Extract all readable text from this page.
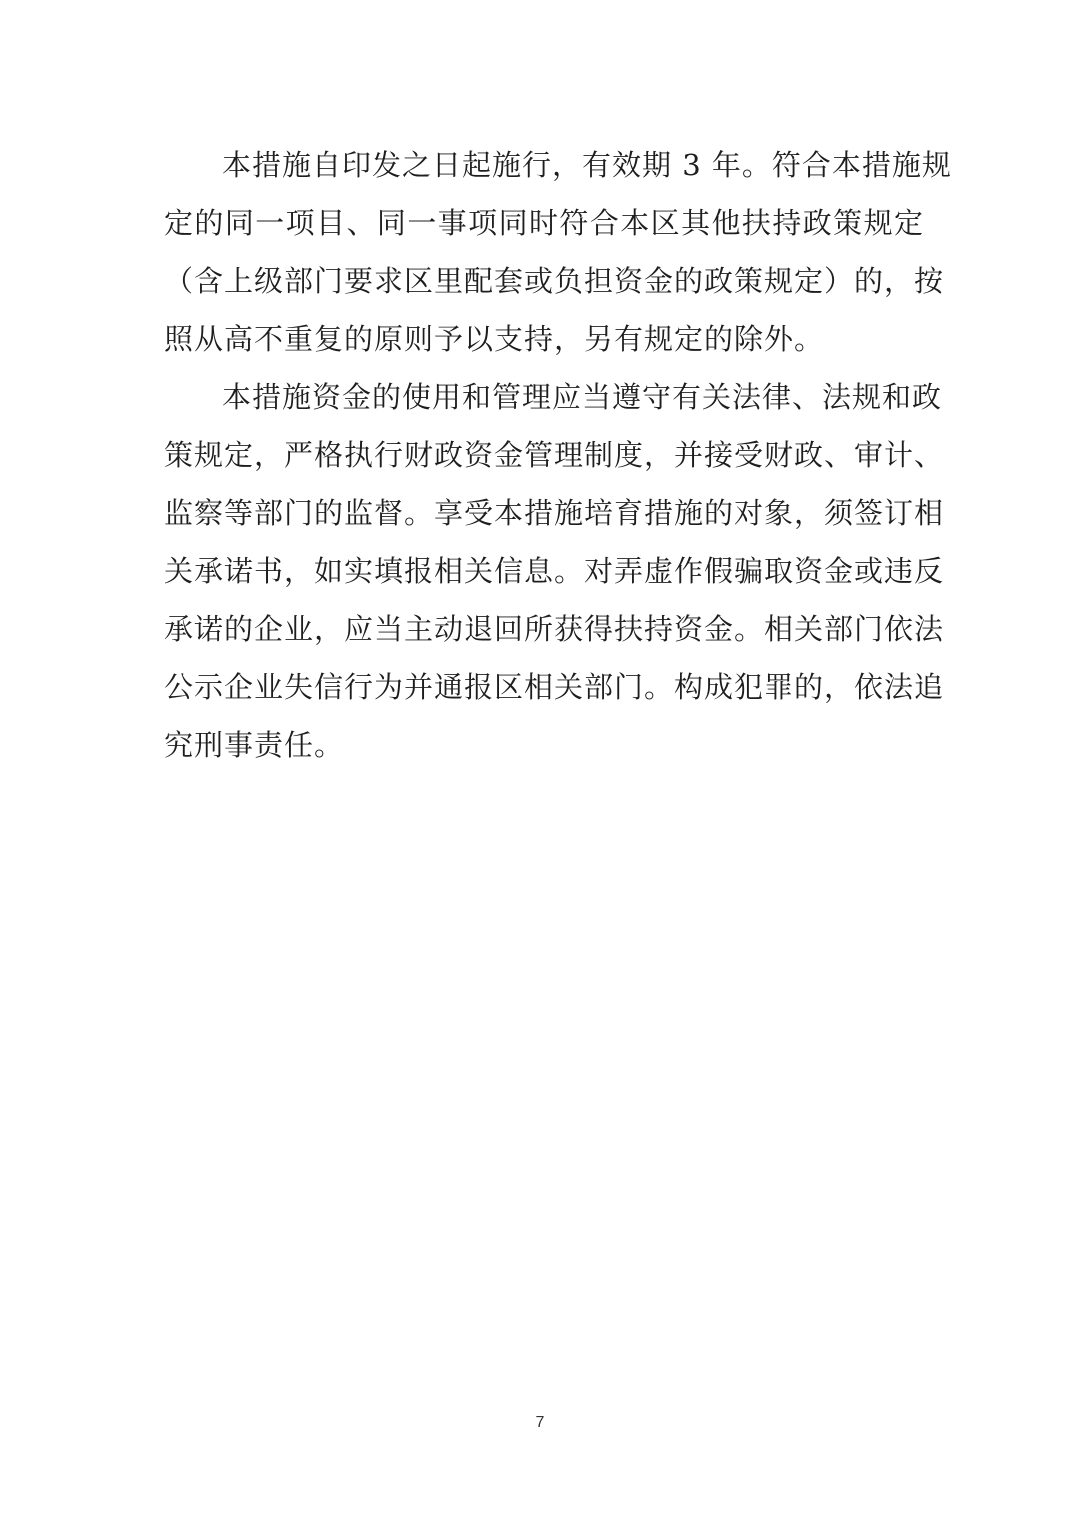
本措施自印发之日起施行，有效期 3 年。符合本措施规
定的同一项目、同一事项同时符合本区其他扶持政策规定
（含上级部门要求区里配套或负担资金的政策规定）的，按
照从高不重复的原则予以支持，另有规定的除外。
本措施资金的使用和管理应当遵守有关法律、法规和政
策规定，严格执行财政资金管理制度，并接受财政、审计、
监察等部门的监督。享受本措施培育措施的对象，须签订相
关承诺书，如实填报相关信息。对弄虚作假骗取资金或违反
承诺的企业，应当主动退回所获得扶持资金。相关部门依法
公示企业失信行为并通报区相关部门。构成犯罪的，依法追
究刑事责任。
7
